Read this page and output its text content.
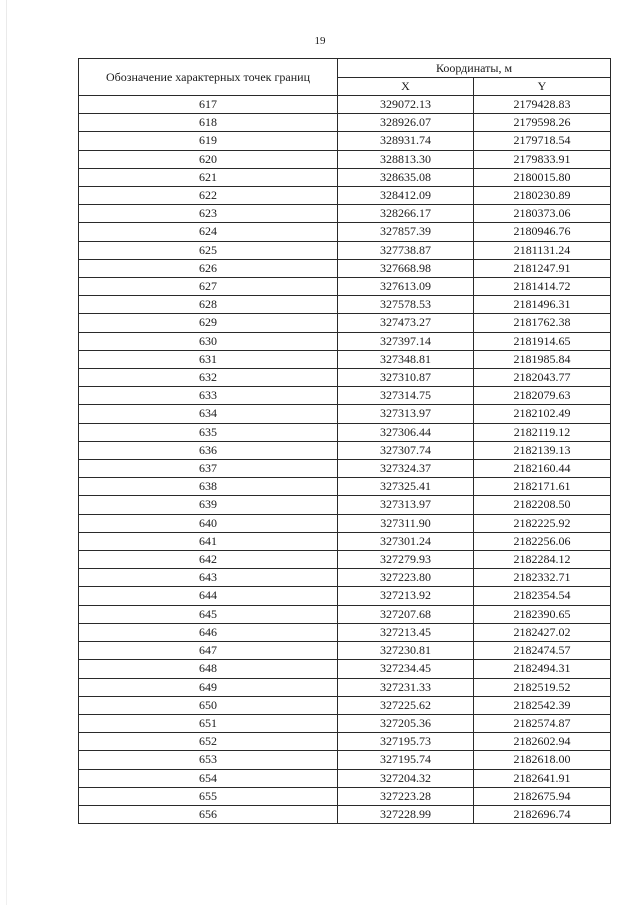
19
Обозначение характерных точек границ	Координаты, м	
	X	Y
617	329072.13	2179428.83
618	328926.07	2179598.26
619	328931.74	2179718.54
620	328813.30	2179833.91
621	328635.08	2180015.80
622	328412.09	2180230.89
623	328266.17	2180373.06
624	327857.39	2180946.76
625	327738.87	2181131.24
626	327668.98	2181247.91
627	327613.09	2181414.72
628	327578.53	2181496.31
629	327473.27	2181762.38
630	327397.14	2181914.65
631	327348.81	2181985.84
632	327310.87	2182043.77
633	327314.75	2182079.63
634	327313.97	2182102.49
635	327306.44	2182119.12
636	327307.74	2182139.13
637	327324.37	2182160.44
638	327325.41	2182171.61
639	327313.97	2182208.50
640	327311.90	2182225.92
641	327301.24	2182256.06
642	327279.93	2182284.12
643	327223.80	2182332.71
644	327213.92	2182354.54
645	327207.68	2182390.65
646	327213.45	2182427.02
647	327230.81	2182474.57
648	327234.45	2182494.31
649	327231.33	2182519.52
650	327225.62	2182542.39
651	327205.36	2182574.87
652	327195.73	2182602.94
653	327195.74	2182618.00
654	327204.32	2182641.91
655	327223.28	2182675.94
656	327228.99	2182696.74
